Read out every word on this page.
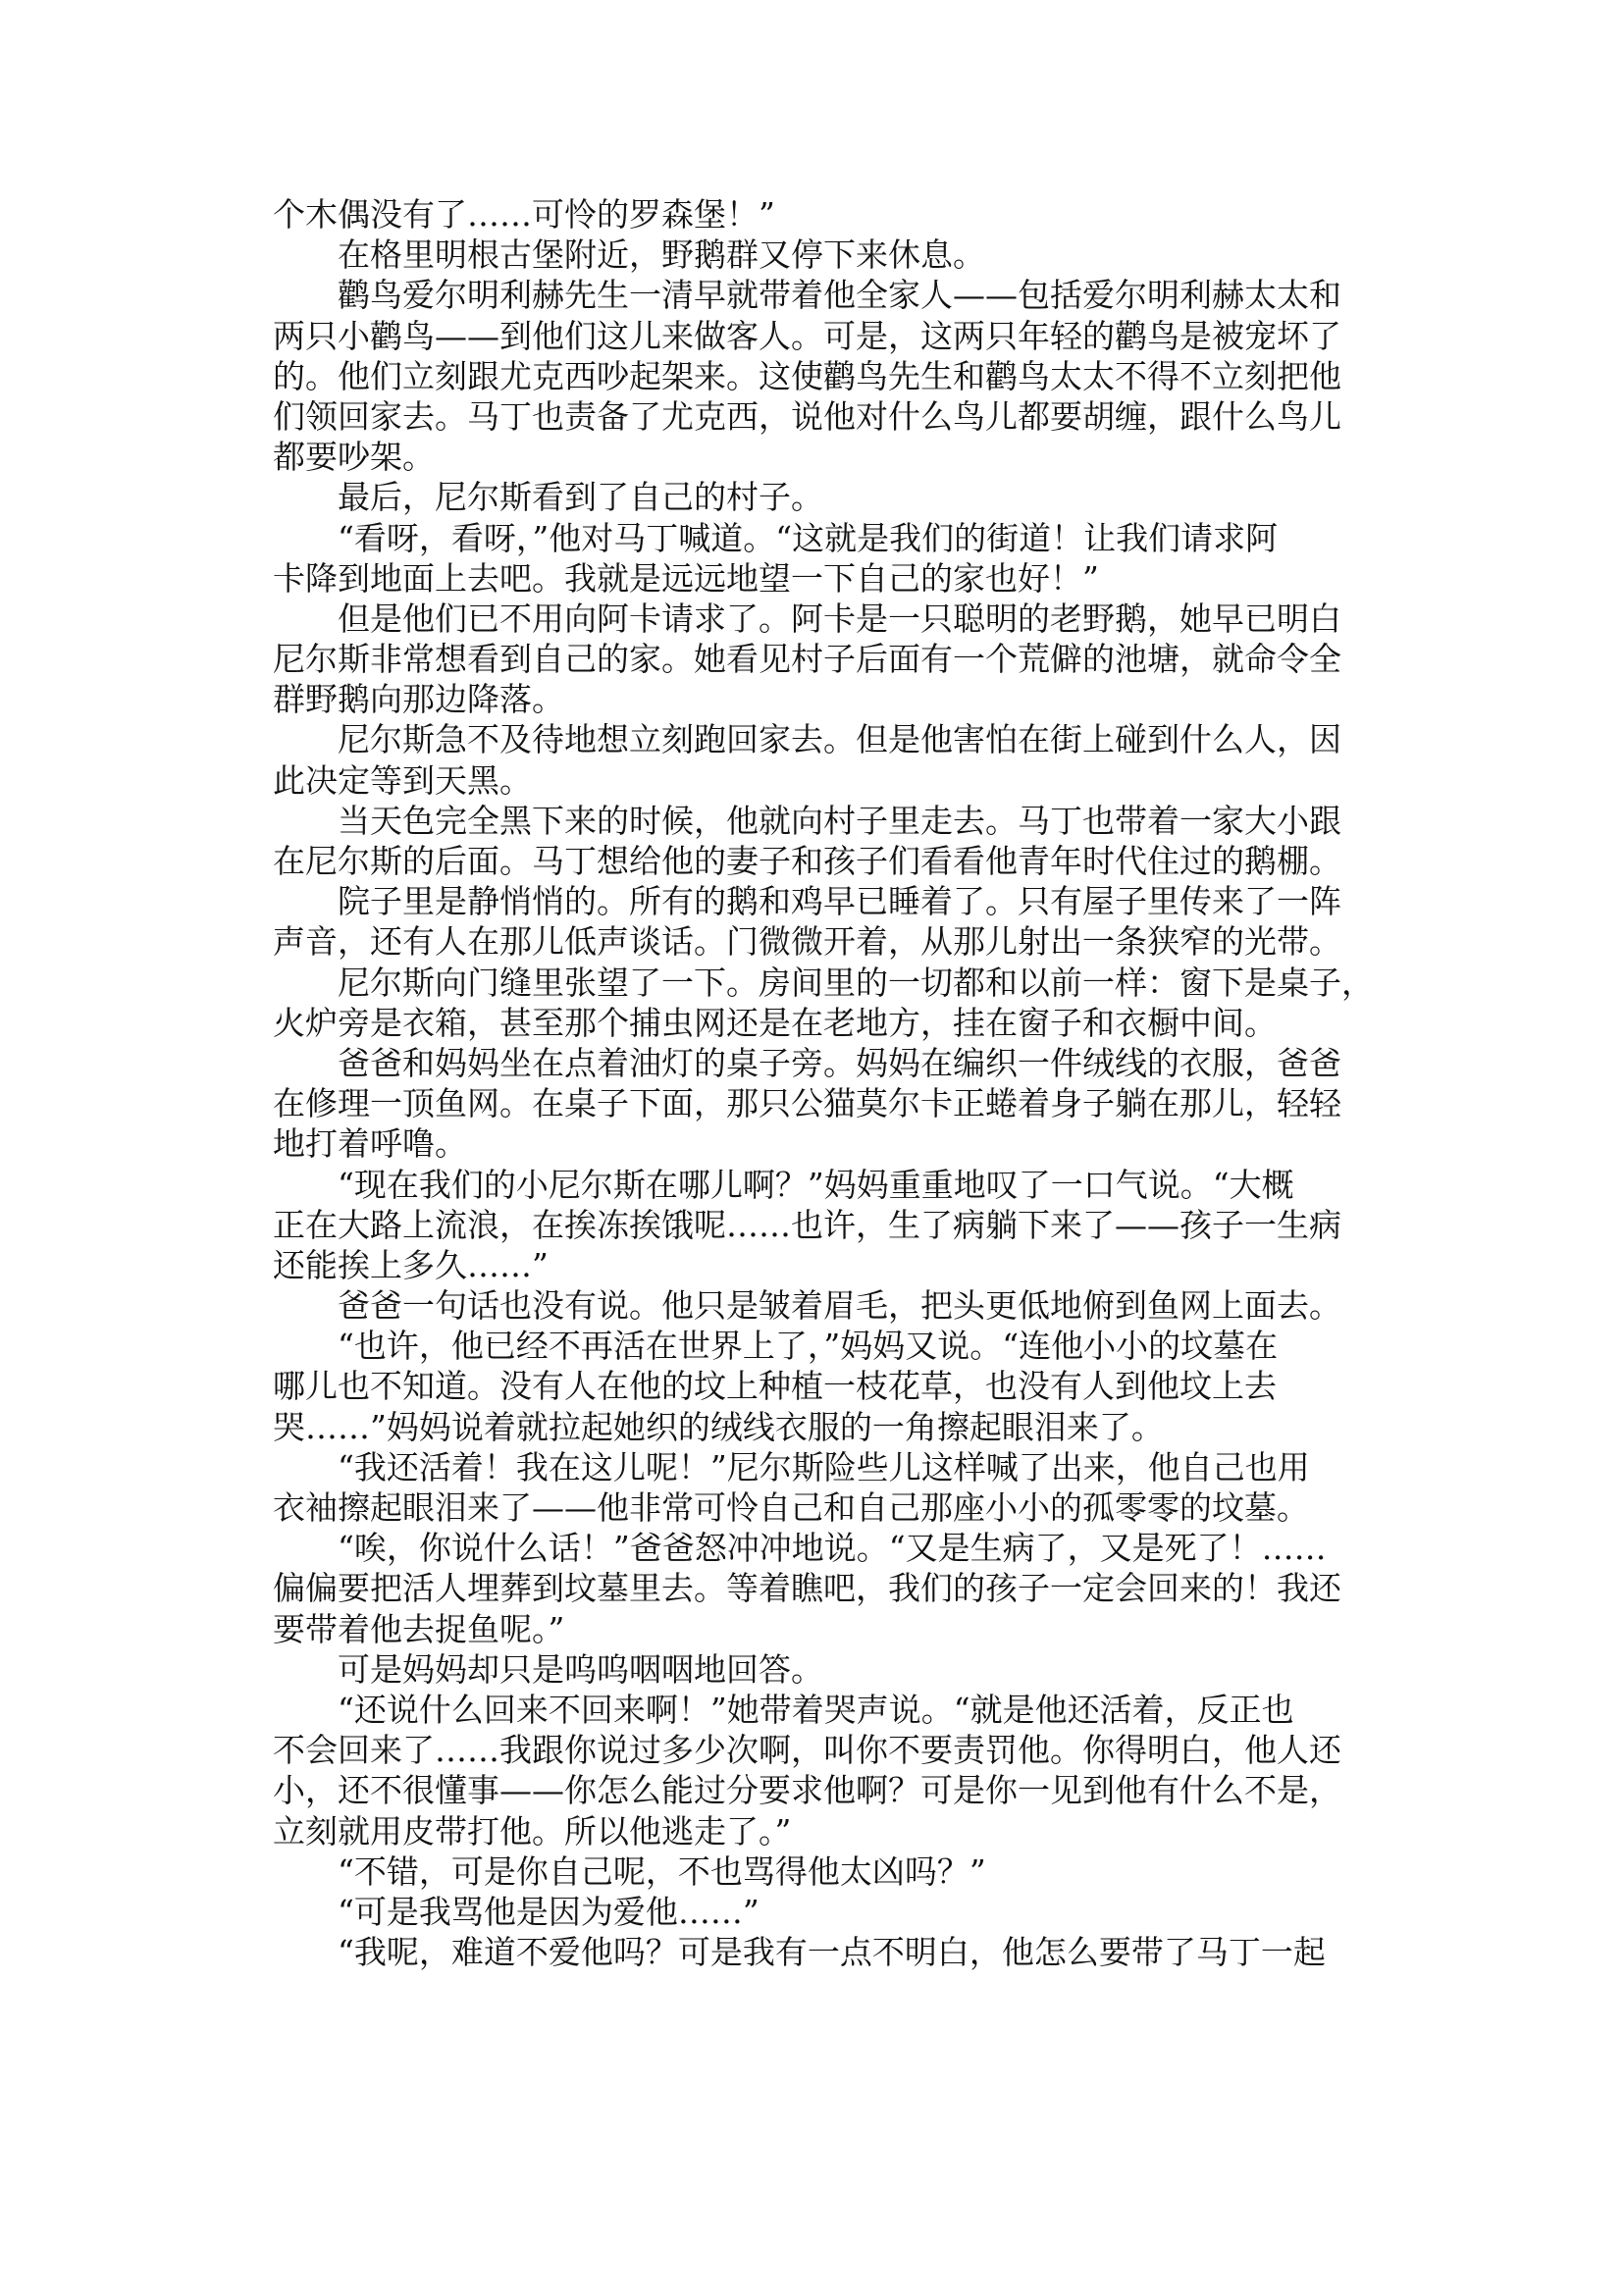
个木偶没有了……可怜的罗森堡！”
　　在格里明根古堡附近，野鹅群又停下来休息。
　　鹳鸟爱尔明利赫先生一清早就带着他全家人——包括爱尔明利赫太太和
两只小鹳鸟——到他们这儿来做客人。可是，这两只年轻的鹳鸟是被宠坏了
的。他们立刻跟尤克西吵起架来。这使鹳鸟先生和鹳鸟太太不得不立刻把他
们领回家去。马丁也责备了尤克西，说他对什么鸟儿都要胡缠，跟什么鸟儿
都要吵架。
　　最后，尼尔斯看到了自己的村子。
　　“看呀，看呀，”他对马丁喊道。“这就是我们的街道！让我们请求阿
卡降到地面上去吧。我就是远远地望一下自己的家也好！”
　　但是他们已不用向阿卡请求了。阿卡是一只聪明的老野鹅，她早已明白
尼尔斯非常想看到自己的家。她看见村子后面有一个荒僻的池塘，就命令全
群野鹅向那边降落。
　　尼尔斯急不及待地想立刻跑回家去。但是他害怕在街上碰到什么人，因
此决定等到天黑。
　　当天色完全黑下来的时候，他就向村子里走去。马丁也带着一家大小跟
在尼尔斯的后面。马丁想给他的妻子和孩子们看看他青年时代住过的鹅棚。
　　院子里是静悄悄的。所有的鹅和鸡早已睡着了。只有屋子里传来了一阵
声音，还有人在那儿低声谈话。门微微开着，从那儿射出一条狭窄的光带。
　　尼尔斯向门缝里张望了一下。房间里的一切都和以前一样：窗下是桌子，
火炉旁是衣箱，甚至那个捕虫网还是在老地方，挂在窗子和衣橱中间。
　　爸爸和妈妈坐在点着油灯的桌子旁。妈妈在编织一件绒线的衣服，爸爸
在修理一顶鱼网。在桌子下面，那只公猫莫尔卡正蜷着身子躺在那儿，轻轻
地打着呼噜。
　　“现在我们的小尼尔斯在哪儿啊？”妈妈重重地叹了一口气说。“大概
正在大路上流浪，在挨冻挨饿呢……也许，生了病躺下来了——孩子一生病
还能挨上多久……”
　　爸爸一句话也没有说。他只是皱着眉毛，把头更低地俯到鱼网上面去。
　　“也许，他已经不再活在世界上了，”妈妈又说。“连他小小的坟墓在
哪儿也不知道。没有人在他的坟上种植一枝花草，也没有人到他坟上去
哭……”妈妈说着就拉起她织的绒线衣服的一角擦起眼泪来了。
　　“我还活着！我在这儿呢！”尼尔斯险些儿这样喊了出来，他自己也用
衣袖擦起眼泪来了——他非常可怜自己和自己那座小小的孤零零的坟墓。
　　“唉，你说什么话！”爸爸怒冲冲地说。“又是生病了，又是死了！……
偏偏要把活人埋葬到坟墓里去。等着瞧吧，我们的孩子一定会回来的！我还
要带着他去捉鱼呢。”
　　可是妈妈却只是呜呜咽咽地回答。
　　“还说什么回来不回来啊！”她带着哭声说。“就是他还活着，反正也
不会回来了……我跟你说过多少次啊，叫你不要责罚他。你得明白，他人还
小，还不很懂事——你怎么能过分要求他啊？可是你一见到他有什么不是，
立刻就用皮带打他。所以他逃走了。”
　　“不错，可是你自己呢，不也骂得他太凶吗？”
　　“可是我骂他是因为爱他……”
　　“我呢，难道不爱他吗？可是我有一点不明白，他怎么要带了马丁一起
